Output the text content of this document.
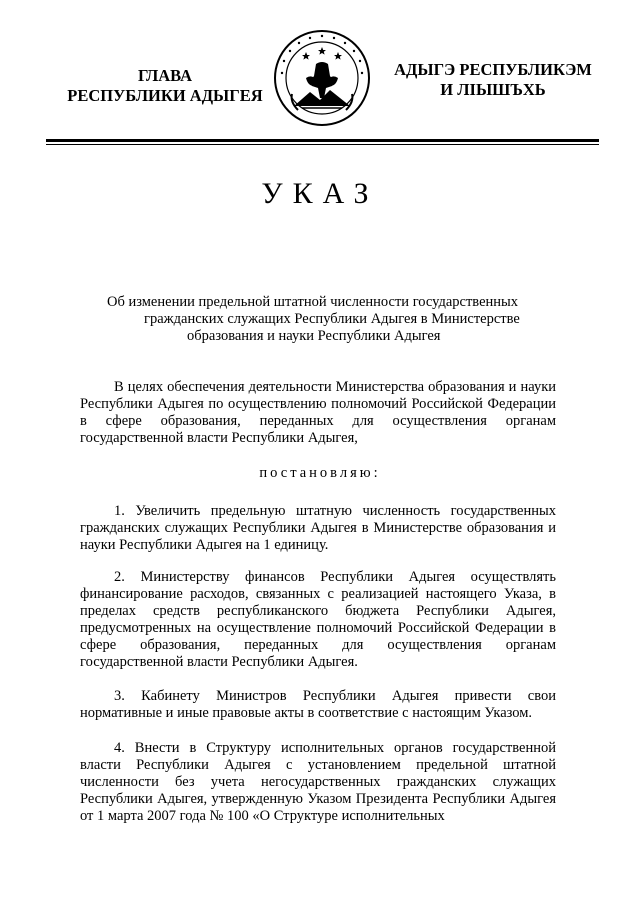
ГЛАВА
РЕСПУБЛИКИ АДЫГЕЯ
АДЫГЭ РЕСПУБЛИКЭМ
И ЛІЫШЪХЬ
УКАЗ
Об изменении предельной штатной численности государственных
гражданских служащих Республики Адыгея в Министерстве
образования и науки Республики Адыгея

В целях обеспечения деятельности Министерства образования и науки Республики Адыгея по осуществлению полномочий Российской Федерации в сфере образования, переданных для осуществления органам государственной власти Республики Адыгея,

постановляю:

1. Увеличить предельную штатную численность государственных гражданских служащих Республики Адыгея в Министерстве образования и науки Республики Адыгея на 1 единицу.

2. Министерству финансов Республики Адыгея осуществлять финансирование расходов, связанных с реализацией настоящего Указа, в пределах средств республиканского бюджета Республики Адыгея, предусмотренных на осуществление полномочий Российской Федерации в сфере образования, переданных для осуществления органам государственной власти Республики Адыгея.

3. Кабинету Министров Республики Адыгея привести свои нормативные и иные правовые акты в соответствие с настоящим Указом.

4. Внести в Структуру исполнительных органов государственной власти Республики Адыгея с установлением предельной штатной численности без учета негосударственных гражданских служащих Республики Адыгея, утвержденную Указом Президента Республики Адыгея от 1 марта 2007 года № 100 «О Структуре исполнительных
